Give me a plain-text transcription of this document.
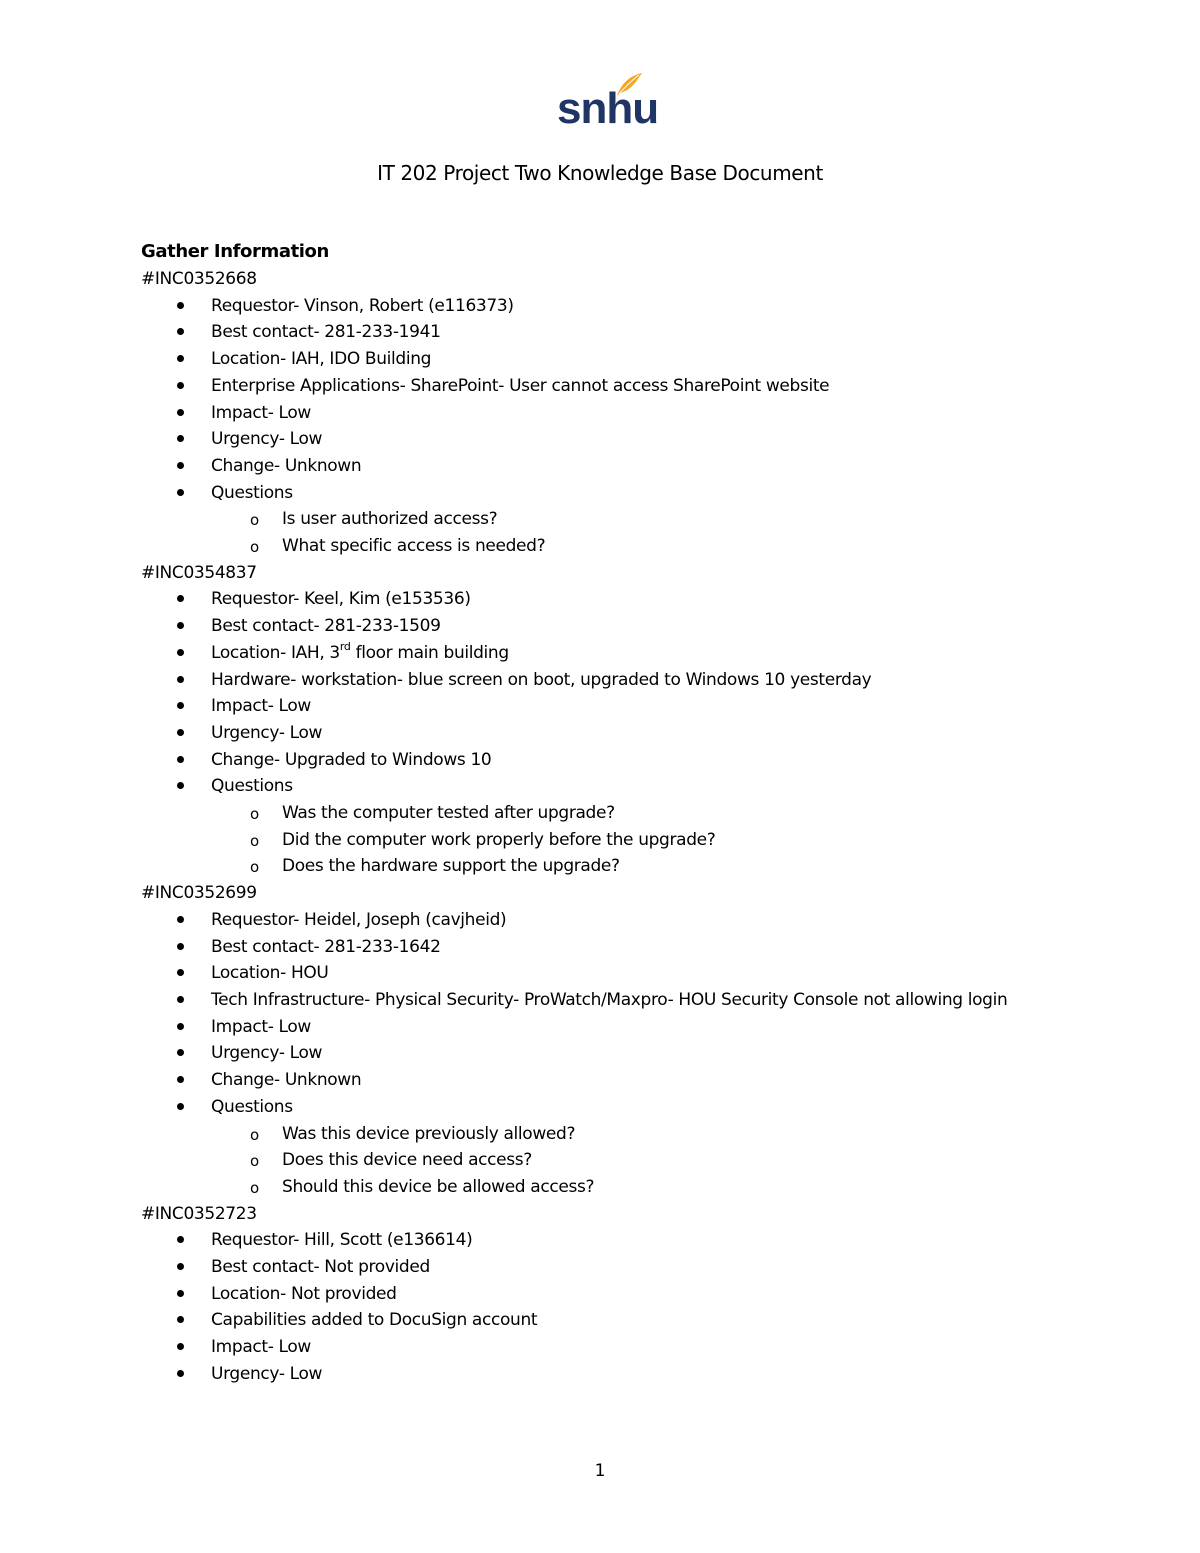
snhu
IT 202 Project Two Knowledge Base Document
Gather Information
#INC0352668
Requestor- Vinson, Robert (e116373)
Best contact- 281-233-1941
Location- IAH, IDO Building
Enterprise Applications- SharePoint- User cannot access SharePoint website
Impact- Low
Urgency- Low
Change- Unknown
Questions
o Is user authorized access?
o What specific access is needed?
#INC0354837
Requestor- Keel, Kim (e153536)
Best contact- 281-233-1509
Location- IAH, 3rd floor main building
Hardware- workstation- blue screen on boot, upgraded to Windows 10 yesterday
Impact- Low
Urgency- Low
Change- Upgraded to Windows 10
Questions
o Was the computer tested after upgrade?
o Did the computer work properly before the upgrade?
o Does the hardware support the upgrade?
#INC0352699
Requestor- Heidel, Joseph (cavjheid)
Best contact- 281-233-1642
Location- HOU
Tech Infrastructure- Physical Security- ProWatch/Maxpro- HOU Security Console not allowing login
Impact- Low
Urgency- Low
Change- Unknown
Questions
o Was this device previously allowed?
o Does this device need access?
o Should this device be allowed access?
#INC0352723
Requestor- Hill, Scott (e136614)
Best contact- Not provided
Location- Not provided
Capabilities added to DocuSign account
Impact- Low
Urgency- Low
1
